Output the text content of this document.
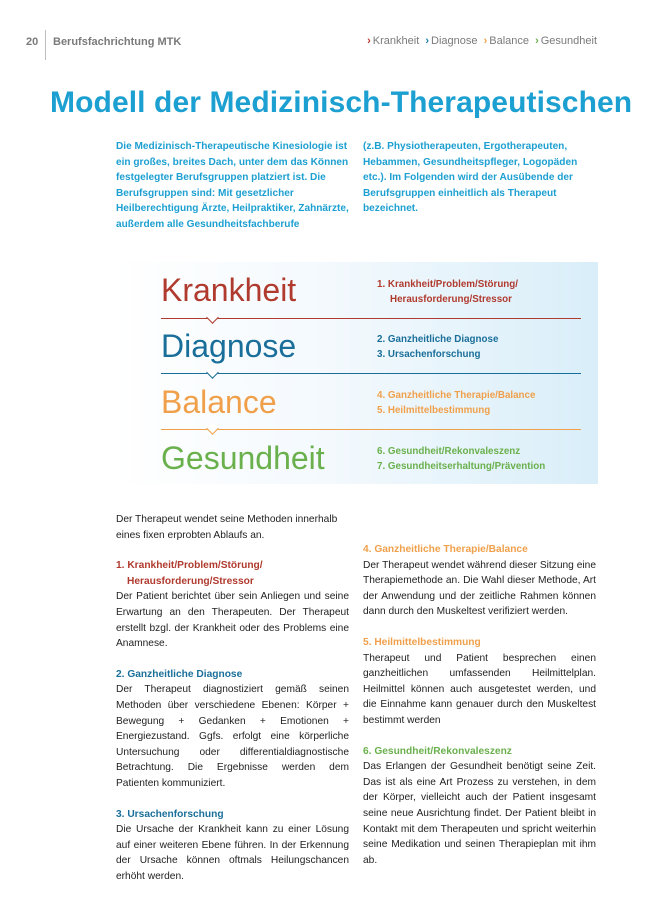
20 Berufsfachrichtung MTK	› Krankheit › Diagnose › Balance › Gesundheit
Modell der Medizinisch-Therapeutischen

Die Medizinisch-Therapeutische Kinesiologie ist ein großes, breites Dach, unter dem das Können festgelegter Berufsgruppen platziert ist. Die Berufsgruppen sind: Mit gesetzlicher Heilberechtigung Ärzte, Heilpraktiker, Zahnärzte, außerdem alle Gesundheitsfachberufe

(z.B. Physiotherapeuten, Ergotherapeuten, Hebammen, Gesundheitspfleger, Logopäden etc.). Im Folgenden wird der Ausübende der Berufsgruppen einheitlich als Therapeut bezeichnet.

Krankheit	1. Krankheit/Problem/Störung/
Herausforderung/Stressor
Diagnose	2. Ganzheitliche Diagnose
3. Ursachenforschung
Balance	4. Ganzheitliche Therapie/Balance
5. Heilmittelbestimmung
Gesundheit	6. Gesundheit/Rekonvaleszenz
7. Gesundheitserhaltung/Prävention

Der Therapeut wendet seine Methoden innerhalb eines fixen erprobten Ablaufs an.

1. Krankheit/Problem/Störung/
Herausforderung/Stressor

Der Patient berichtet über sein Anliegen und seine Erwartung an den Therapeuten. Der Therapeut erstellt bzgl. der Krankheit oder des Problems eine Anamnese.

2. Ganzheitliche Diagnose

Der Therapeut diagnostiziert gemäß seinen Methoden über verschiedene Ebenen: Körper + Bewegung + Gedanken + Emotionen + Energiezustand. Ggfs. erfolgt eine körperliche Untersuchung oder differentialdiagnostische Betrachtung. Die Ergebnisse werden dem Patienten kommuniziert.

3. Ursachenforschung

Die Ursache der Krankheit kann zu einer Lösung auf einer weiteren Ebene führen. In der Erkennung der Ursache können oftmals Heilungschancen erhöht werden.

4. Ganzheitliche Therapie/Balance

Der Therapeut wendet während dieser Sitzung eine Therapiemethode an. Die Wahl dieser Methode, Art der Anwendung und der zeitliche Rahmen können dann durch den Muskeltest verifiziert werden.

5. Heilmittelbestimmung

Therapeut und Patient besprechen einen ganzheitlichen umfassenden Heilmittelplan. Heilmittel können auch ausgetestet werden, und die Einnahme kann genauer durch den Muskeltest bestimmt werden

6. Gesundheit/Rekonvaleszenz

Das Erlangen der Gesundheit benötigt seine Zeit. Das ist als eine Art Prozess zu verstehen, in dem der Körper, vielleicht auch der Patient insgesamt seine neue Ausrichtung findet. Der Patient bleibt in Kontakt mit dem Therapeuten und spricht weiterhin seine Medikation und seinen Therapieplan mit ihm ab.
